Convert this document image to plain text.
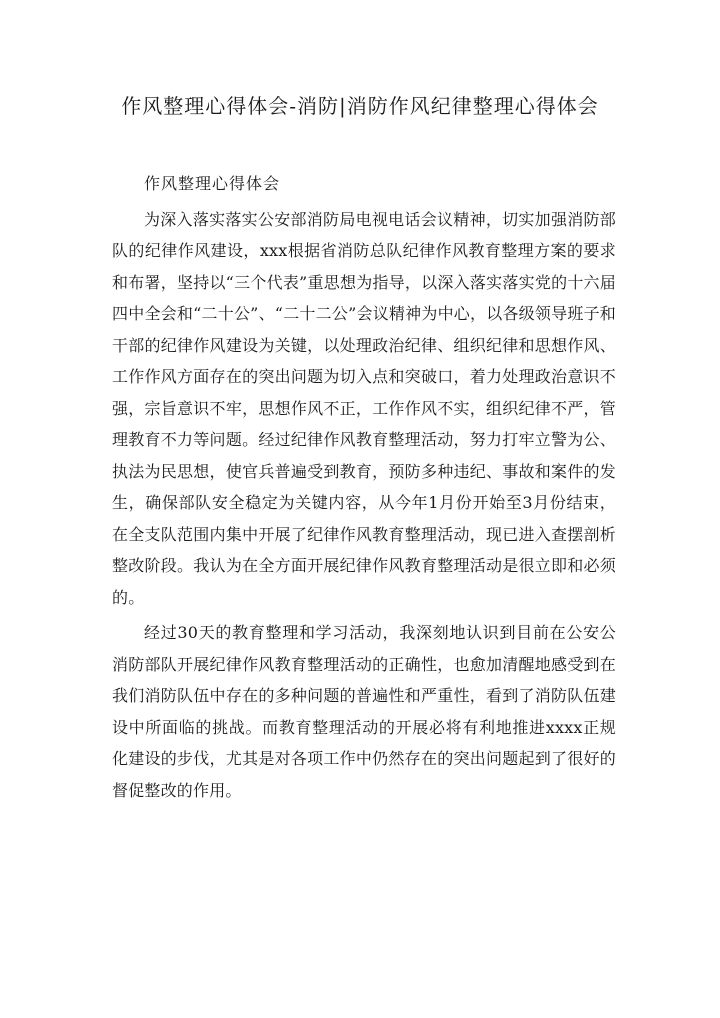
作风整理心得体会-消防|消防作风纪律整理心得体会

作风整理心得体会

为深入落实落实公安部消防局电视电话会议精神，切实加强消防部队的纪律作风建设，xxx根据省消防总队纪律作风教育整理方案的要求和布署，坚持以“三个代表”重思想为指导，以深入落实落实党的十六届四中全会和“二十公”、“二十二公”会议精神为中心，以各级领导班子和干部的纪律作风建设为关键，以处理政治纪律、组织纪律和思想作风、工作作风方面存在的突出问题为切入点和突破口，着力处理政治意识不强，宗旨意识不牢，思想作风不正，工作作风不实，组织纪律不严，管理教育不力等问题。经过纪律作风教育整理活动，努力打牢立警为公、执法为民思想，使官兵普遍受到教育，预防多种违纪、事故和案件的发生，确保部队安全稳定为关键内容，从今年1月份开始至3月份结束，在全支队范围内集中开展了纪律作风教育整理活动，现已进入查摆剖析整改阶段。我认为在全方面开展纪律作风教育整理活动是很立即和必须的。

经过30天的教育整理和学习活动，我深刻地认识到目前在公安公消防部队开展纪律作风教育整理活动的正确性，也愈加清醒地感受到在我们消防队伍中存在的多种问题的普遍性和严重性，看到了消防队伍建设中所面临的挑战。而教育整理活动的开展必将有利地推进xxxx正规化建设的步伐，尤其是对各项工作中仍然存在的突出问题起到了很好的督促整改的作用。
